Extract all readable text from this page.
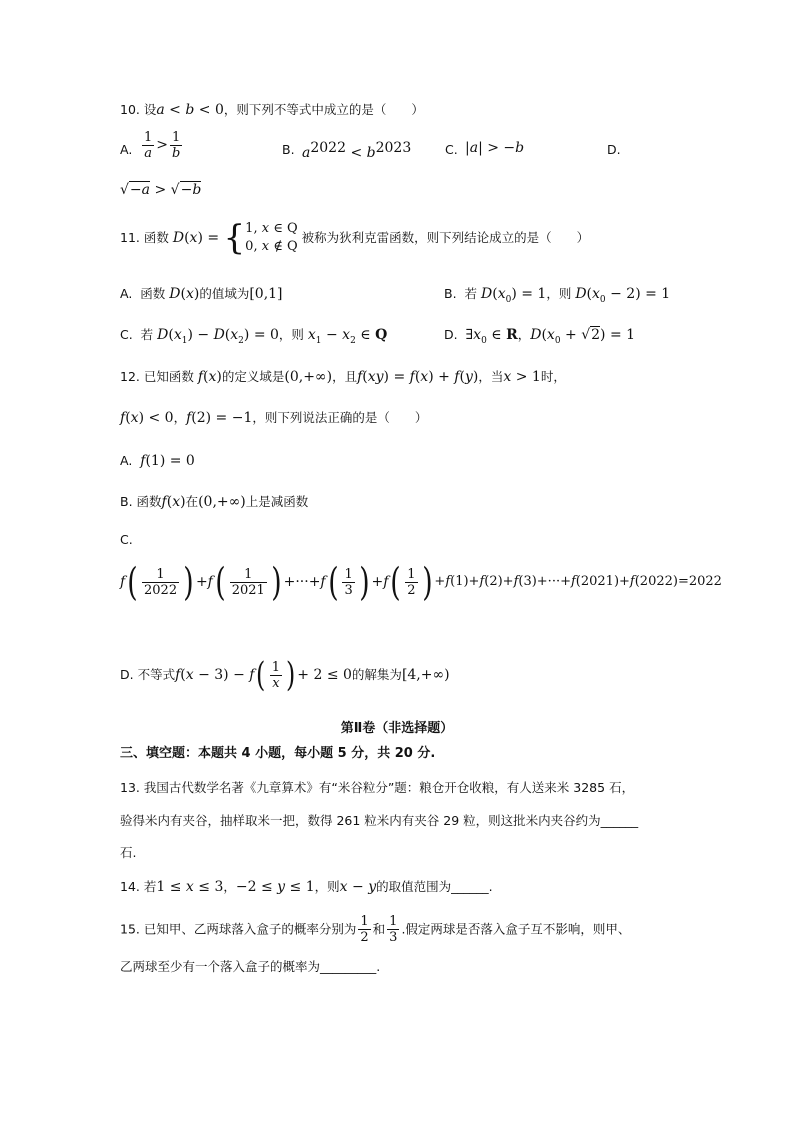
10. 设a < b < 0，则下列不等式中成立的是（　　）
A. $\frac{1}{a} > \frac{1}{b}$	B. $a^{2022} < b^{2023}$	C. |a| > −b	D.
√−a > √−b
11. 函数 D(x) = {1, x ∈ Q
0, x ∉ Q 被称为狄利克雷函数，则下列结论成立的是（　　）
A.  函数 D(x)的值域为[0,1]	B.  若 $D(x_0) = 1$，则 $D(x_0 - 2) = 1$
C.  若 $D(x_1) - D(x_2) = 0$，则 $x_1 - x_2$ ∈ Q	D.  $\exists x_0$ ∈ R，$D(x_0 + √2) = 1$
12. 已知函数 f(x)的定义域是(0,+∞)，且f(xy) = f(x) + f(y)，当x > 1时，
f(x) < 0，f(2) = −1，则下列说法正确的是（　　）
A.  f(1) = 0
B. 函数f(x)在(0,+∞)上是减函数
C.
$f( \frac{1}{2022}$ ) $+f( \frac{1}{2021}$ ) $+\cdot\cdot\cdot+f( \frac{1}{3}$ ) $+f( \frac{1}{2}$ ) +f(1)+f(2)+f(3)+···+f(2021)+f(2022)=2022
D. 不等式$f(x - 3) - f( \frac{1}{x}$ ) + 2 ≤ 0的解集为[4,+∞)
第Ⅱ卷（非选择题）
三、填空题：本题共 4 小题，每小题 5 分，共 20 分.
13. 我国古代数学名著《九章算术》有“米谷粒分”题：粮仓开仓收粮，有人送来米 3285 石，
验得米内有夹谷，抽样取米一把，数得 261 粒米内有夹谷 29 粒，则这批米内夹谷约为______
石.
14. 若1 ≤ x ≤ 3，−2 ≤ y ≤ 1，则x − y的取值范围为______.
15. 已知甲、乙两球落入盒子的概率分别为 $\frac{1}{2}$ 和 $\frac{1}{3}$ .假定两球是否落入盒子互不影响，则甲、
乙两球至少有一个落入盒子的概率为_________.
